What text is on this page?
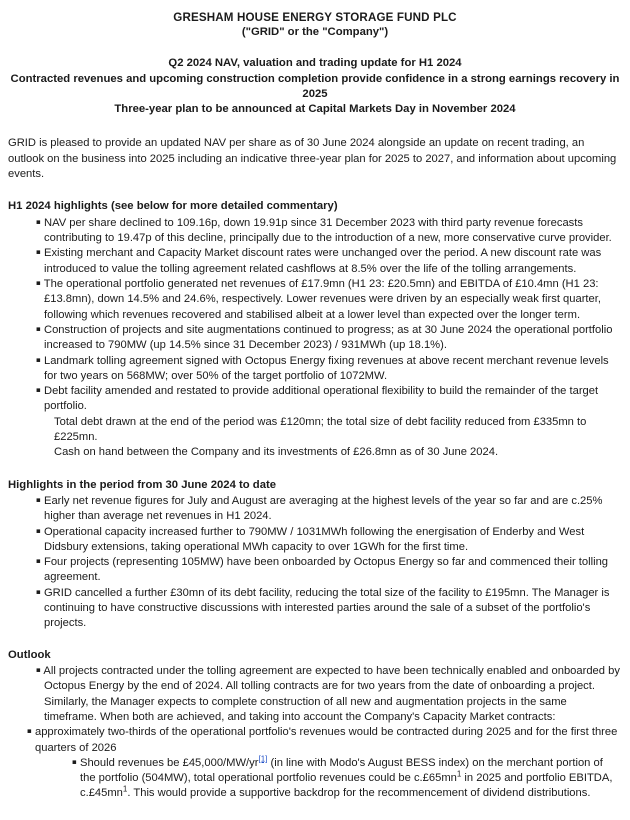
GRESHAM HOUSE ENERGY STORAGE FUND PLC
("GRID" or the "Company")
Q2 2024 NAV, valuation and trading update for H1 2024
Contracted revenues and upcoming construction completion provide confidence in a strong earnings recovery in 2025
Three-year plan to be announced at Capital Markets Day in November 2024
GRID is pleased to provide an updated NAV per share as of 30 June 2024 alongside an update on recent trading, an outlook on the business into 2025 including an indicative three-year plan for 2025 to 2027, and information about upcoming events.
H1 2024 highlights (see below for more detailed commentary)
▪ NAV per share declined to 109.16p, down 19.91p since 31 December 2023 with third party revenue forecasts contributing to 19.47p of this decline, principally due to the introduction of a new, more conservative curve provider.
▪ Existing merchant and Capacity Market discount rates were unchanged over the period. A new discount rate was introduced to value the tolling agreement related cashflows at 8.5% over the life of the tolling arrangements.
▪ The operational portfolio generated net revenues of £17.9mn (H1 23: £20.5mn) and EBITDA of £10.4mn (H1 23: £13.8mn), down 14.5% and 24.6%, respectively. Lower revenues were driven by an especially weak first quarter, following which revenues recovered and stabilised albeit at a lower level than expected over the longer term.
▪ Construction of projects and site augmentations continued to progress; as at 30 June 2024 the operational portfolio increased to 790MW (up 14.5% since 31 December 2023) / 931MWh (up 18.1%).
▪ Landmark tolling agreement signed with Octopus Energy fixing revenues at above recent merchant revenue levels for two years on 568MW; over 50% of the target portfolio of 1072MW.
▪ Debt facility amended and restated to provide additional operational flexibility to build the remainder of the target portfolio.
Total debt drawn at the end of the period was £120mn; the total size of debt facility reduced from £335mn to £225mn.
Cash on hand between the Company and its investments of £26.8mn as of 30 June 2024.
Highlights in the period from 30 June 2024 to date
▪ Early net revenue figures for July and August are averaging at the highest levels of the year so far and are c.25% higher than average net revenues in H1 2024.
▪ Operational capacity increased further to 790MW / 1031MWh following the energisation of Enderby and West Didsbury extensions, taking operational MWh capacity to over 1GWh for the first time.
▪ Four projects (representing 105MW) have been onboarded by Octopus Energy so far and commenced their tolling agreement.
▪ GRID cancelled a further £30mn of its debt facility, reducing the total size of the facility to £195mn. The Manager is continuing to have constructive discussions with interested parties around the sale of a subset of the portfolio's projects.
Outlook
▪ All projects contracted under the tolling agreement are expected to have been technically enabled and onboarded by Octopus Energy by the end of 2024. All tolling contracts are for two years from the date of onboarding a project. Similarly, the Manager expects to complete construction of all new and augmentation projects in the same timeframe. When both are achieved, and taking into account the Company's Capacity Market contracts:
▪ approximately two-thirds of the operational portfolio's revenues would be contracted during 2025 and for the first three quarters of 2026
▪ Should revenues be £45,000/MW/yr[1] (in line with Modo's August BESS index) on the merchant portion of the portfolio (504MW), total operational portfolio revenues could be $c.£65mn^1$ in 2025 and portfolio EBITDA, $c.£45mn^1$. This would provide a supportive backdrop for the recommencement of dividend distributions.
